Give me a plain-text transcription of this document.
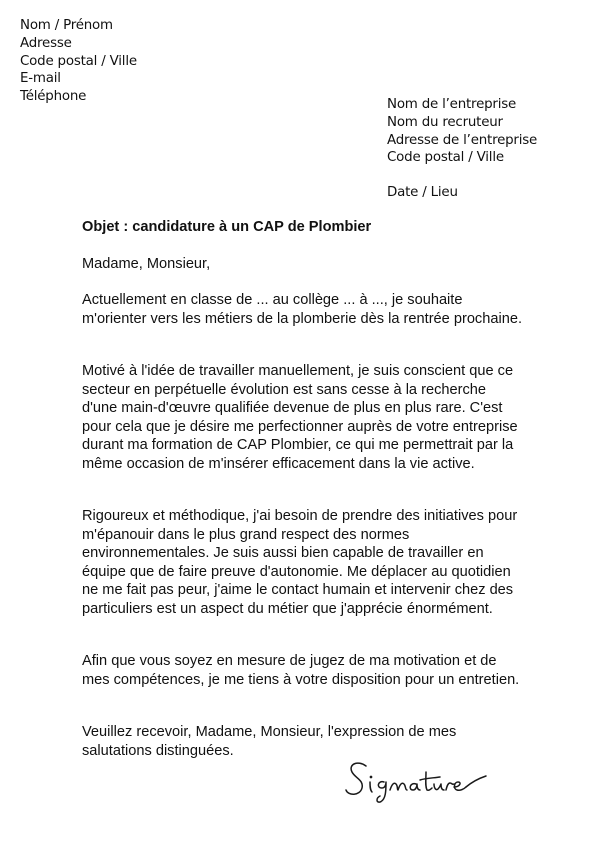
Nom / Prénom
Adresse
Code postal / Ville
E-mail
Téléphone
Nom de l’entreprise
Nom du recruteur
Adresse de l’entreprise
Code postal / Ville
Date / Lieu
Objet : candidature à un CAP de Plombier
Madame, Monsieur,

Actuellement en classe de ... au collège ... à ..., je souhaite m'orienter vers les métiers de la plomberie dès la rentrée prochaine.

Motivé à l'idée de travailler manuellement, je suis conscient que ce secteur en perpétuelle évolution est sans cesse à la recherche d'une main-d'œuvre qualifiée devenue de plus en plus rare. C'est pour cela que je désire me perfectionner auprès de votre entreprise durant ma formation de CAP Plombier, ce qui me permettrait par la même occasion de m'insérer efficacement dans la vie active.

Rigoureux et méthodique, j'ai besoin de prendre des initiatives pour m'épanouir dans le plus grand respect des normes environnementales. Je suis aussi bien capable de travailler en équipe que de faire preuve d'autonomie. Me déplacer au quotidien ne me fait pas peur, j'aime le contact humain et intervenir chez des particuliers est un aspect du métier que j'apprécie énormément.

Afin que vous soyez en mesure de jugez de ma motivation et de mes compétences, je me tiens à votre disposition pour un entretien.

Veuillez recevoir, Madame, Monsieur, l'expression de mes salutations distinguées.
